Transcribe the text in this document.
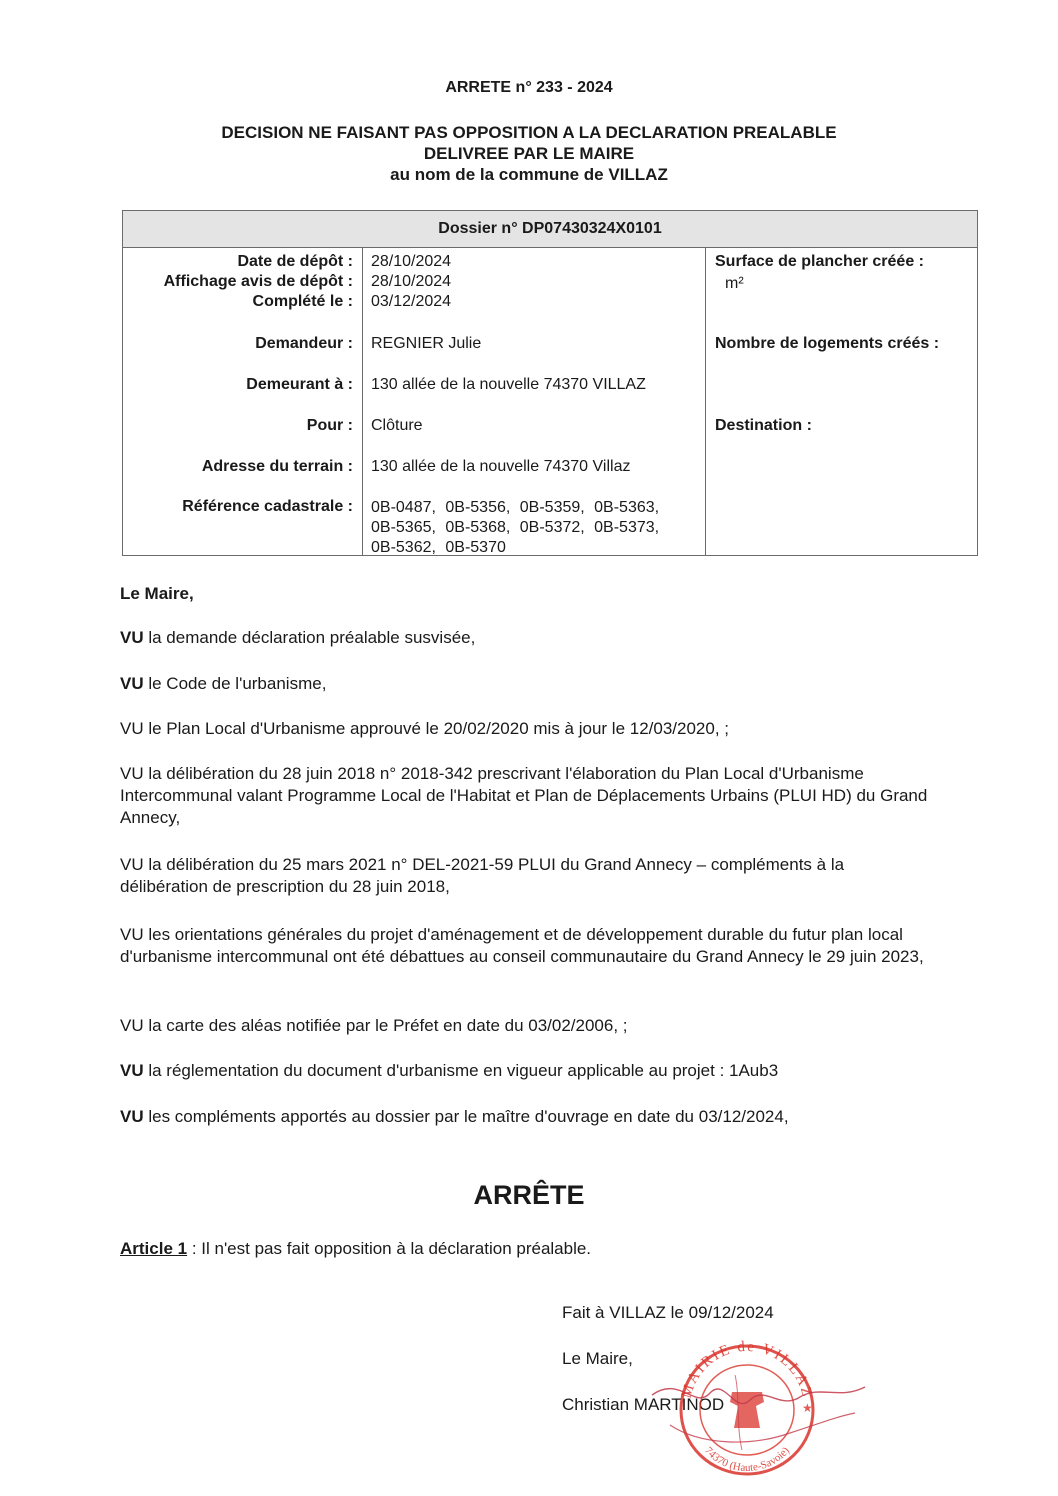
ARRETE n° 233 - 2024
DECISION NE FAISANT PAS OPPOSITION A LA DECLARATION PREALABLE
DELIVREE PAR LE MAIRE
au nom de la commune de VILLAZ
Dossier n° DP07430324X0101
Date de dépôt : 28/10/2024
Affichage avis de dépôt : 28/10/2024
Complété le : 03/12/2024
Demandeur : REGNIER Julie
Demeurant à : 130 allée de la nouvelle 74370 VILLAZ
Pour : Clôture
Adresse du terrain : 130 allée de la nouvelle 74370 Villaz
Référence cadastrale : 0B-0487, 0B-5356, 0B-5359, 0B-5363,
0B-5365, 0B-5368, 0B-5372, 0B-5373,
0B-5362, 0B-5370
Surface de plancher créée :
m²
Nombre de logements créés :
Destination :
Le Maire,
VU la demande déclaration préalable susvisée,
VU le Code de l'urbanisme,
VU le Plan Local d'Urbanisme approuvé le 20/02/2020 mis à jour le 12/03/2020, ;
VU la délibération du 28 juin 2018 n° 2018-342 prescrivant l'élaboration du Plan Local d'Urbanisme Intercommunal valant Programme Local de l'Habitat et Plan de Déplacements Urbains (PLUI HD) du Grand Annecy,
VU la délibération du 25 mars 2021 n° DEL-2021-59 PLUI du Grand Annecy – compléments à la délibération de prescription du 28 juin 2018,
VU les orientations générales du projet d'aménagement et de développement durable du futur plan local d'urbanisme intercommunal ont été débattues au conseil communautaire du Grand Annecy le 29 juin 2023,
VU la carte des aléas notifiée par le Préfet en date du 03/02/2006, ;
VU la réglementation du document d'urbanisme en vigueur applicable au projet : 1Aub3
VU les compléments apportés au dossier par le maître d'ouvrage en date du 03/12/2024,
ARRÊTE
Article 1 : Il n'est pas fait opposition à la déclaration préalable.
Fait à VILLAZ le 09/12/2024
Le Maire,
Christian MARTINOD
MAIRIE de VILLAZ
74370 (Haute-Savoie)
★
